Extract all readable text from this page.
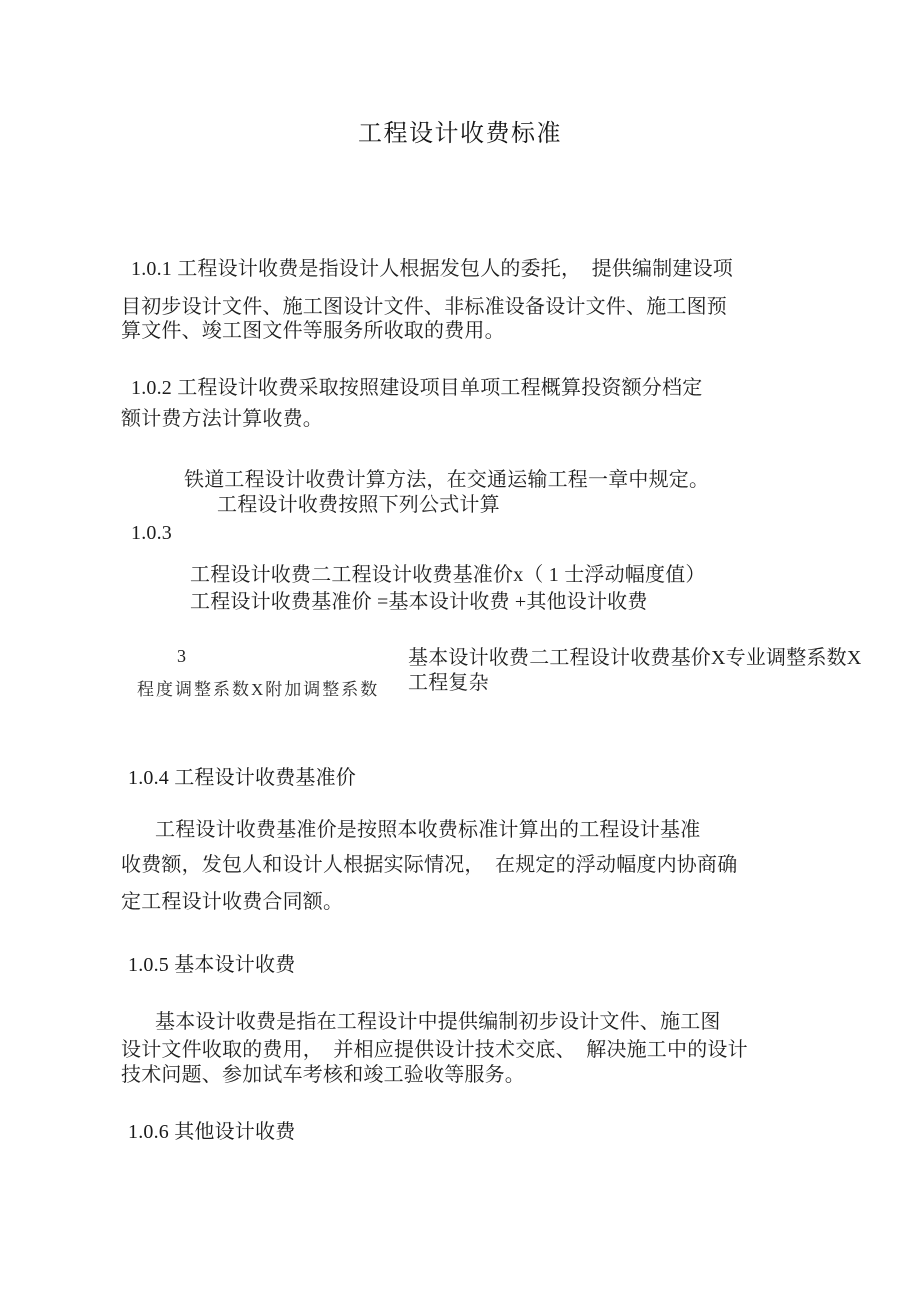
工程设计收费标准
1.0.1 工程设计收费是指设计人根据发包人的委托，  提供编制建设项
目初步设计文件、施工图设计文件、非标准设备设计文件、施工图预
算文件、竣工图文件等服务所收取的费用。
1.0.2 工程设计收费采取按照建设项目单项工程概算投资额分档定
额计费方法计算收费。
铁道工程设计收费计算方法，在交通运输工程一章中规定。
工程设计收费按照下列公式计算
1.0.3
工程设计收费二工程设计收费基准价x（ 1 士浮动幅度值）
工程设计收费基准价 =基本设计收费 +其他设计收费
3	基本设计收费二工程设计收费基价X专业调整系数X
工程复杂
程度调整系数X附加调整系数
1.0.4 工程设计收费基准价
工程设计收费基准价是按照本收费标准计算出的工程设计基准
收费额，发包人和设计人根据实际情况，  在规定的浮动幅度内协商确
定工程设计收费合同额。
1.0.5 基本设计收费
基本设计收费是指在工程设计中提供编制初步设计文件、施工图
设计文件收取的费用，  并相应提供设计技术交底、  解决施工中的设计
技术问题、参加试车考核和竣工验收等服务。
1.0.6 其他设计收费
